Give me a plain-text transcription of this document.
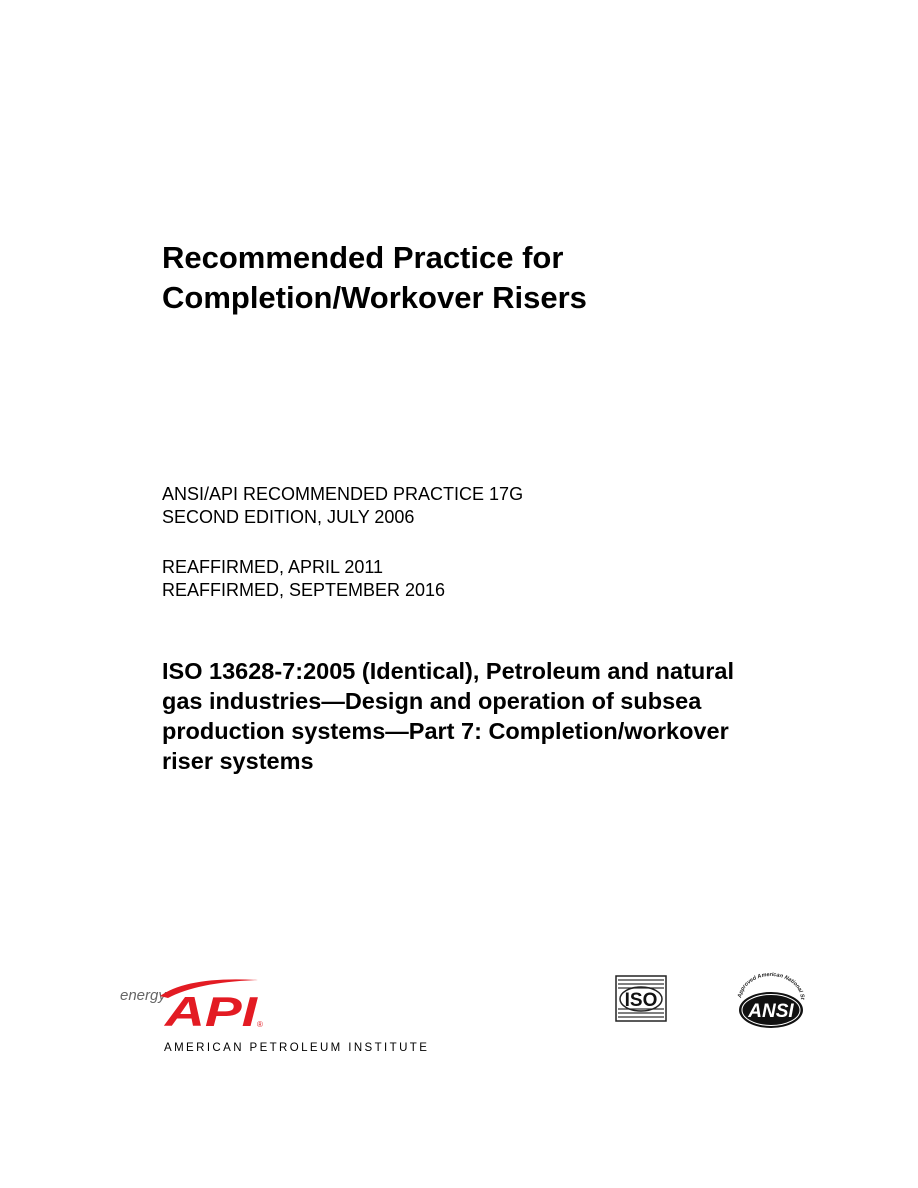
Recommended Practice for
Completion/Workover Risers
ANSI/API RECOMMENDED PRACTICE 17G
SECOND EDITION, JULY 2006
REAFFIRMED, APRIL 2011
REAFFIRMED, SEPTEMBER 2016
ISO 13628-7:2005 (Identical), Petroleum and natural
gas industries—Design and operation of subsea
production systems—Part 7: Completion/workover
riser systems
energy
API
®
AMERICAN PETROLEUM INSTITUTE
ISO	Approved American National St
ANSI
